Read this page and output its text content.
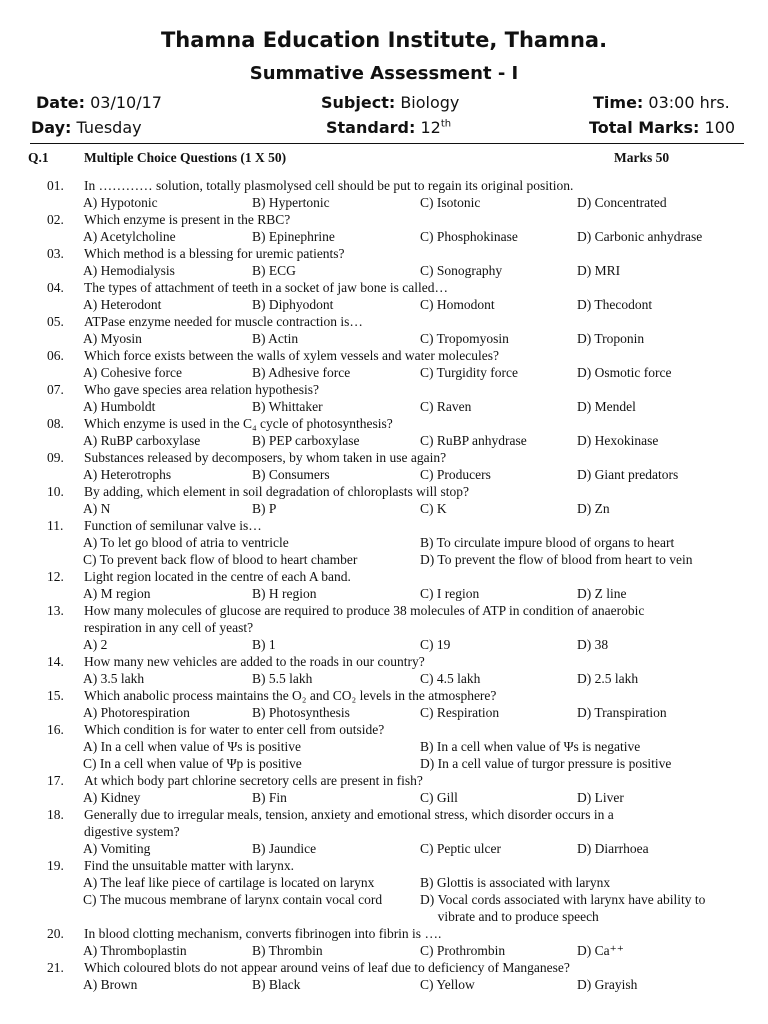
Thamna Education Institute, Thamna.
Summative Assessment - I
Date: 03/10/17	Subject: Biology	Time: 03:00 hrs.
Day: Tuesday	Standard: 12th	Total Marks: 100
Q.1	Multiple Choice Questions (1 X 50)	Marks 50
01. In ………… solution, totally plasmolysed cell should be put to regain its original position.
A) Hypotonic	B) Hypertonic	C) Isotonic	D) Concentrated
02. Which enzyme is present in the RBC?
A) Acetylcholine	B) Epinephrine	C) Phosphokinase	D) Carbonic anhydrase
03. Which method is a blessing for uremic patients?
A) Hemodialysis	B) ECG	C) Sonography	D) MRI
04. The types of attachment of teeth in a socket of jaw bone is called…
A) Heterodont	B) Diphyodont	C) Homodont	D) Thecodont
05. ATPase enzyme needed for muscle contraction is…
A) Myosin	B) Actin	C) Tropomyosin	D) Troponin
06. Which force exists between the walls of xylem vessels and water molecules?
A) Cohesive force	B) Adhesive force	C) Turgidity force	D) Osmotic force
07. Who gave species area relation hypothesis?
A) Humboldt	B) Whittaker	C) Raven	D) Mendel
08. Which enzyme is used in the C₄ cycle of photosynthesis?
A) RuBP carboxylase	B) PEP carboxylase	C) RuBP anhydrase	D) Hexokinase
09. Substances released by decomposers, by whom taken in use again?
A) Heterotrophs	B) Consumers	C) Producers	D) Giant predators
10. By adding, which element in soil degradation of chloroplasts will stop?
A) N	B) P	C) K	D) Zn
11. Function of semilunar valve is…
A) To let go blood of atria to ventricle	B) To circulate impure blood of organs to heart
C) To prevent back flow of blood to heart chamber	D) To prevent the flow of blood from heart to vein
12. Light region located in the centre of each A band.
A) M region	B) H region	C) I region	D) Z line
13. How many molecules of glucose are required to produce 38 molecules of ATP in condition of anaerobic
respiration in any cell of yeast?
A) 2	B) 1	C) 19	D) 38
14. How many new vehicles are added to the roads in our country?
A) 3.5 lakh	B) 5.5 lakh	C) 4.5 lakh	D) 2.5 lakh
15. Which anabolic process maintains the O₂ and CO₂ levels in the atmosphere?
A) Photorespiration	B) Photosynthesis	C) Respiration	D) Transpiration
16. Which condition is for water to enter cell from outside?
A) In a cell when value of Ψs is positive	B) In a cell when value of Ψs is negative
C) In a cell when value of Ψp is positive	D) In a cell value of turgor pressure is positive
17. At which body part chlorine secretory cells are present in fish?
A) Kidney	B) Fin	C) Gill	D) Liver
18. Generally due to irregular meals, tension, anxiety and emotional stress, which disorder occurs in a
digestive system?
A) Vomiting	B) Jaundice	C) Peptic ulcer	D) Diarrhoea
19. Find the unsuitable matter with larynx.
A) The leaf like piece of cartilage is located on larynx	B) Glottis is associated with larynx
C) The mucous membrane of larynx contain vocal cord	D) Vocal cords associated with larynx have ability to vibrate and to produce speech
20. In blood clotting mechanism, converts fibrinogen into fibrin is ….
A) Thromboplastin	B) Thrombin	C) Prothrombin	D) Ca⁺⁺
21. Which coloured blots do not appear around veins of leaf due to deficiency of Manganese?
A) Brown	B) Black	C) Yellow	D) Grayish
